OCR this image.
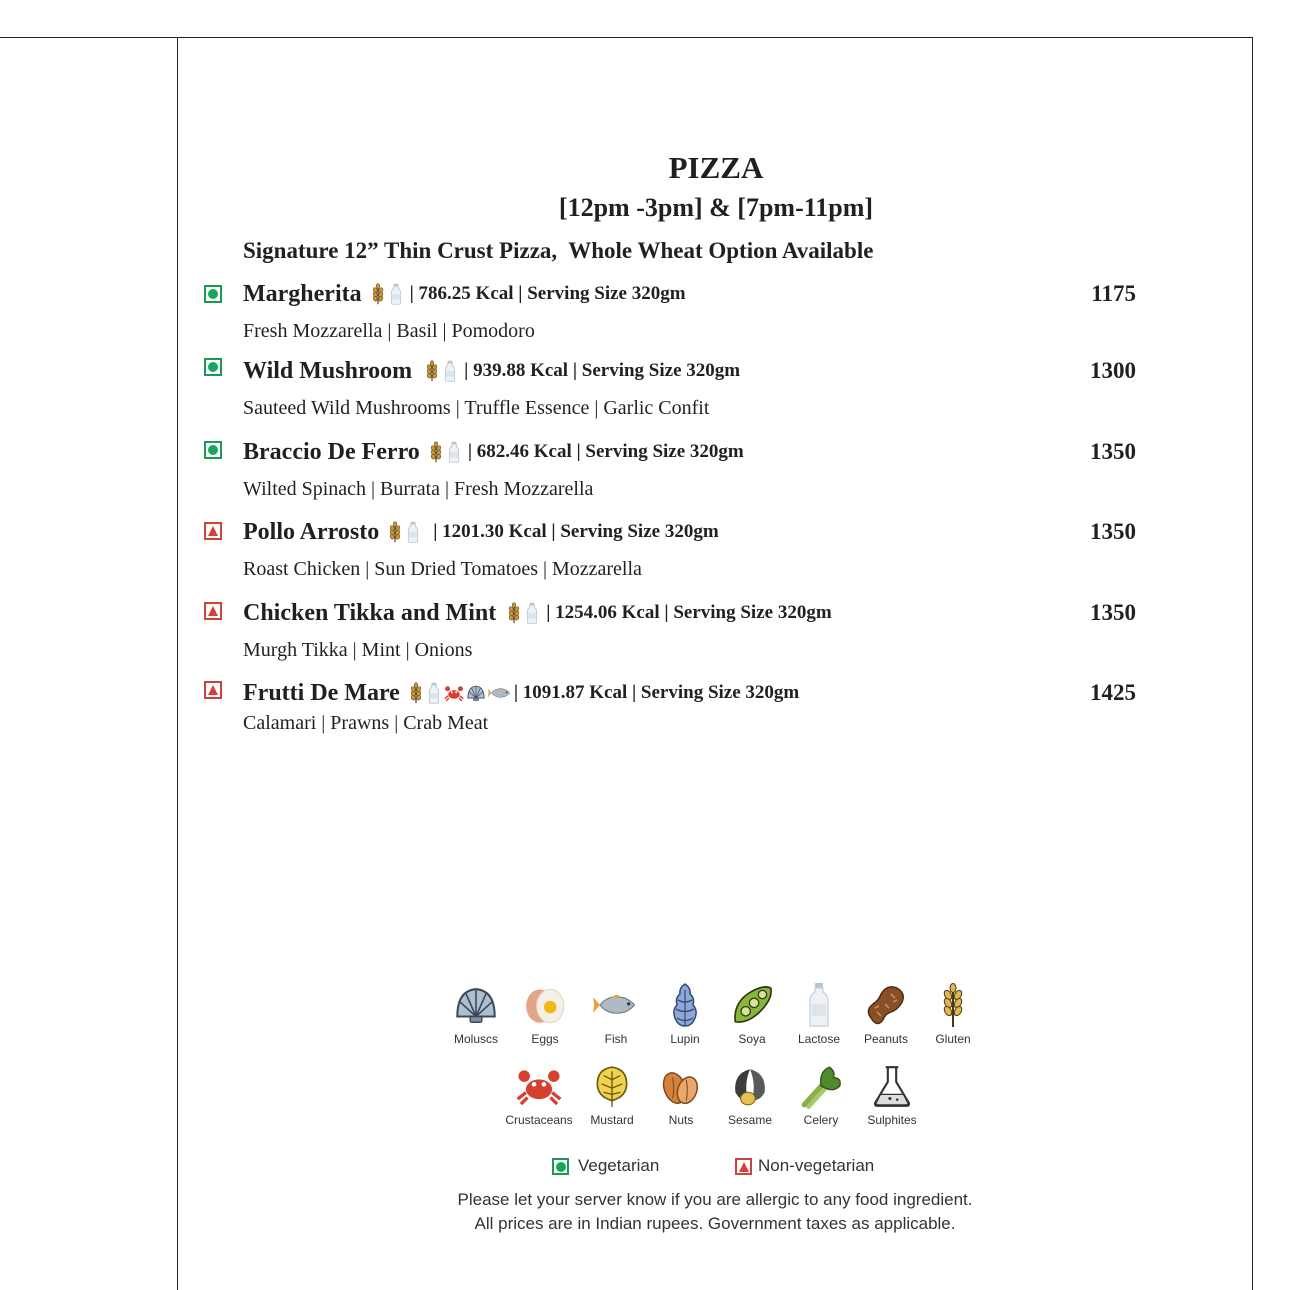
PIZZA
[12pm -3pm] & [7pm-11pm]
Signature 12” Thin Crust Pizza,  Whole Wheat Option Available
Margherita	| 786.25 Kcal | Serving Size 320gm	1175
Fresh Mozzarella | Basil | Pomodoro
Wild Mushroom	| 939.88 Kcal | Serving Size 320gm	1300
Sauteed Wild Mushrooms | Truffle Essence | Garlic Confit
Braccio De Ferro	| 682.46 Kcal | Serving Size 320gm	1350
Wilted Spinach | Burrata | Fresh Mozzarella
Pollo Arrosto	| 1201.30 Kcal | Serving Size 320gm	1350
Roast Chicken | Sun Dried Tomatoes | Mozzarella
Chicken Tikka and Mint	| 1254.06 Kcal | Serving Size 320gm	1350
Murgh Tikka | Mint | Onions
Frutti De Mare	| 1091.87 Kcal | Serving Size 320gm	1425
Calamari | Prawns | Crab Meat
Moluscs	Eggs	Fish	Lupin	Soya	Lactose	Peanuts	Gluten
Crustaceans	Mustard	Nuts	Sesame	Celery	Sulphites
Vegetarian	Non-vegetarian
Please let your server know if you are allergic to any food ingredient.
All prices are in Indian rupees. Government taxes as applicable.
